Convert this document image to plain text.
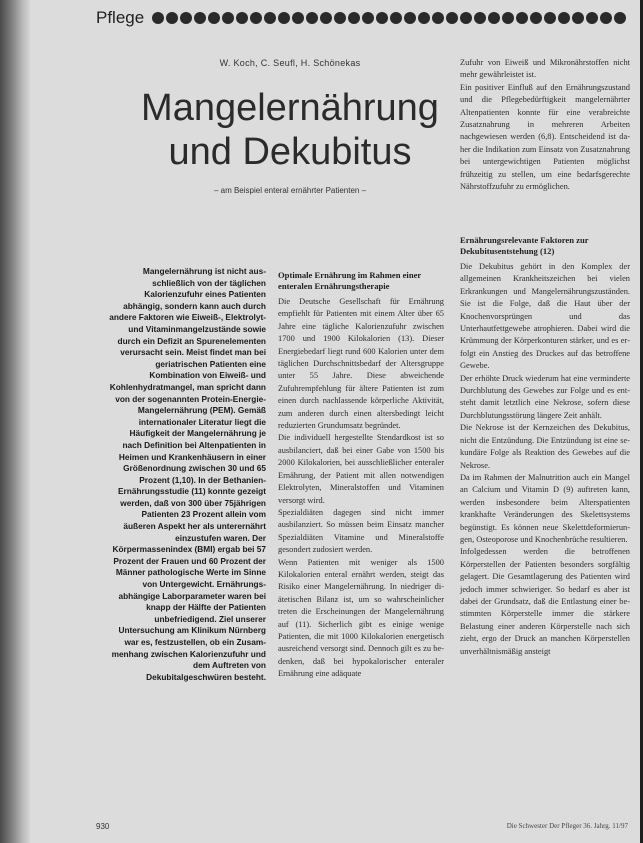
Pflege
W. Koch, C. Seufl, H. Schönekas
Mangelernährung
und Dekubitus
– am Beispiel enteral ernährter Patienten –
Mangelernährung ist nicht ausschließlich von der täglichen Kalorienzufuhr eines Patienten abhängig, sondern kann auch durch andere Faktoren wie Eiweiß-, Elektrolyt- und Vitaminmangelzustände sowie durch ein Defizit an Spurenelementen verursacht sein. Meist findet man bei geriatrischen Patienten eine Kombination von Eiweiß- und Kohlenhydratmangel, man spricht dann von der sogenannten Protein-Energie-Mangelernährung (PEM). Gemäß internationaler Literatur liegt die Häufigkeit der Mangelernährung je nach Definition bei Altenpatienten in Heimen und Krankenhäusern in einer Größenordnung zwischen 30 und 65 Prozent (1,10). In der Bethanien-Ernährungsstudie (11) konnte gezeigt werden, daß von 300 über 75jährigen Patienten 23 Prozent allein vom äußeren Aspekt her als unterernährt einzustufen waren. Der Körpermassenindex (BMI) ergab bei 57 Prozent der Frauen und 60 Prozent der Männer pathologische Werte im Sinne von Untergewicht. Ernährungsabhängige Laborparameter waren bei knapp der Hälfte der Patienten unbefriedigend. Ziel unserer Untersuchung am Klinikum Nürnberg war es, festzustellen, ob ein Zusammenhang zwischen Kalorienzufuhr und dem Auftreten von Dekubitalgeschwüren besteht.
Optimale Ernährung im Rahmen einer enteralen Ernährungstherapie

Die Deutsche Gesellschaft für Ernährung empfiehlt für Patienten mit einem Alter über 65 Jahre eine tägliche Kalorienzufuhr zwischen 1700 und 1900 Kilokalorien (13). Dieser Energiebedarf liegt rund 600 Kalorien unter dem täglichen Durchschnittsbedarf der Altersgruppe unter 55 Jahre. Diese abweichende Zufuhrempfehlung für ältere Patienten ist zum einen durch nachlassende körperliche Aktivität, zum anderen durch einen altersbedingt leicht reduzierten Grundumsatz begründet.

Die individuell hergestellte Stendardkost ist so ausbilanciert, daß bei einer Gabe von 1500 bis 2000 Kilokalorien, bei ausschließlicher enteraler Ernährung, der Patient mit allen notwendigen Elektrolyten, Mineralstoffen und Vitaminen versorgt wird.

Spezialdiäten dagegen sind nicht immer ausbilanziert. So müssen beim Einsatz mancher Spezialdiäten Vitamine und Mineralstoffe gesondert zudosiert werden.

Wenn Patienten mit weniger als 1500 Kilokalorien enteral ernährt werden, steigt das Risiko einer Mangelernährung. In niedriger diätetischen Bilanz ist, um so wahrscheinlicher treten die Erscheinungen der Mangelernährung auf (11). Sicherlich gibt es einige wenige Patienten, die mit 1000 Kilokalorien energetisch ausreichend versorgt sind. Dennoch gilt es zu bedenken, daß bei hypokalorischer enteraler Ernährung eine adäquate

Zufuhr von Eiweiß und Mikronährstoffen nicht mehr gewährleistet ist.

Ein positiver Einfluß auf den Ernährungszustand und die Pflegebedürftigkeit mangelernährter Altenpatienten konnte für eine verabreichte Zusatznahrung in mehreren Arbeiten nachgewiesen werden (6,8). Entscheidend ist daher die Indikation zum Einsatz von Zusatznahrung bei untergewichtigen Patienten möglichst frühzeitig zu stellen, um eine bedarfsgerechte Nährstoffzufuhr zu ermöglichen.

Ernährungsrelevante Faktoren zur Dekubitusentstehung (12)

Die Dekubitus gehört in den Komplex der allgemeinen Krankheitszeichen bei vielen Erkrankungen und Mangelernährungszuständen. Sie ist die Folge, daß die Haut über der Knochenvorsprüngen und das Unterhautfettgewebe atrophieren. Dabei wird die Krümmung der Körperkonturen stärker, und es erfolgt ein Anstieg des Druckes auf das betroffene Gewebe.

Der erhöhte Druck wiederum hat eine verminderte Durchblutung des Gewebes zur Folge und es entsteht damit letztlich eine Nekrose, sofern diese Durchblutungsstörung längere Zeit anhält.

Die Nekrose ist der Kernzeichen des Dekubitus, nicht die Entzündung. Die Entzündung ist eine sekundäre Folge als Reaktion des Gewebes auf die Nekrose.

Da im Rahmen der Malnutrition auch ein Mangel an Calcium und Vitamin D (9) auftreten kann, werden insbesondere beim Alterspatienten krankhafte Veränderungen des Skelettsystems begünstigt. Es können neue Skelettdeformierungen, Osteoporose und Knochenbrüche resultieren.

Infolgedessen werden die betroffenen Körperstellen der Patienten besonders sorgfältig gelagert. Die Gesamtlagerung des Patienten wird jedoch immer schwieriger. So bedarf es aber ist dabei der Grundsatz, daß die Entlastung einer bestimmten Körperstelle immer die stärkere Belastung einer anderen Körperstelle nach sich zieht, ergo der Druck an manchen Körperstellen unverhältnismäßig ansteigt

930	Die Schwester Der Pfleger 36. Jahrg. 11/97
